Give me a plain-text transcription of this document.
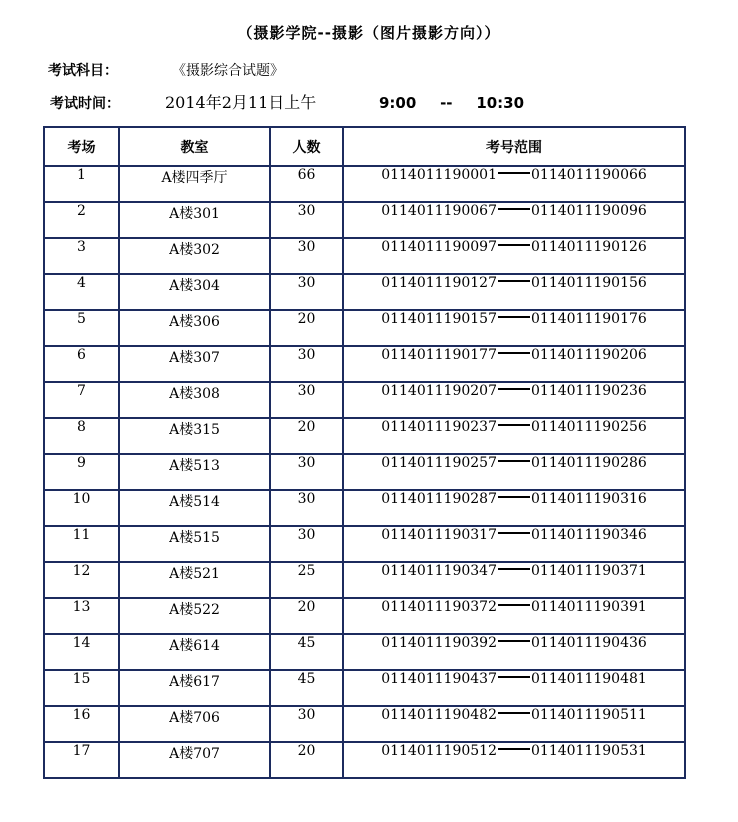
（摄影学院--摄影（图片摄影方向））
考试科目：	《摄影综合试题》
考试时间：	2014年2月11日上午	9:00 -- 10:30
考场	教室	人数	考号范围
1	A楼四季厅	66	0114011190001 0114011190066
2	A楼301	30	0114011190067 0114011190096
3	A楼302	30	0114011190097 0114011190126
4	A楼304	30	0114011190127 0114011190156
5	A楼306	20	0114011190157 0114011190176
6	A楼307	30	0114011190177 0114011190206
7	A楼308	30	0114011190207 0114011190236
8	A楼315	20	0114011190237 0114011190256
9	A楼513	30	0114011190257 0114011190286
10	A楼514	30	0114011190287 0114011190316
11	A楼515	30	0114011190317 0114011190346
12	A楼521	25	0114011190347 0114011190371
13	A楼522	20	0114011190372 0114011190391
14	A楼614	45	0114011190392 0114011190436
15	A楼617	45	0114011190437 0114011190481
16	A楼706	30	0114011190482 0114011190511
17	A楼707	20	0114011190512 0114011190531
